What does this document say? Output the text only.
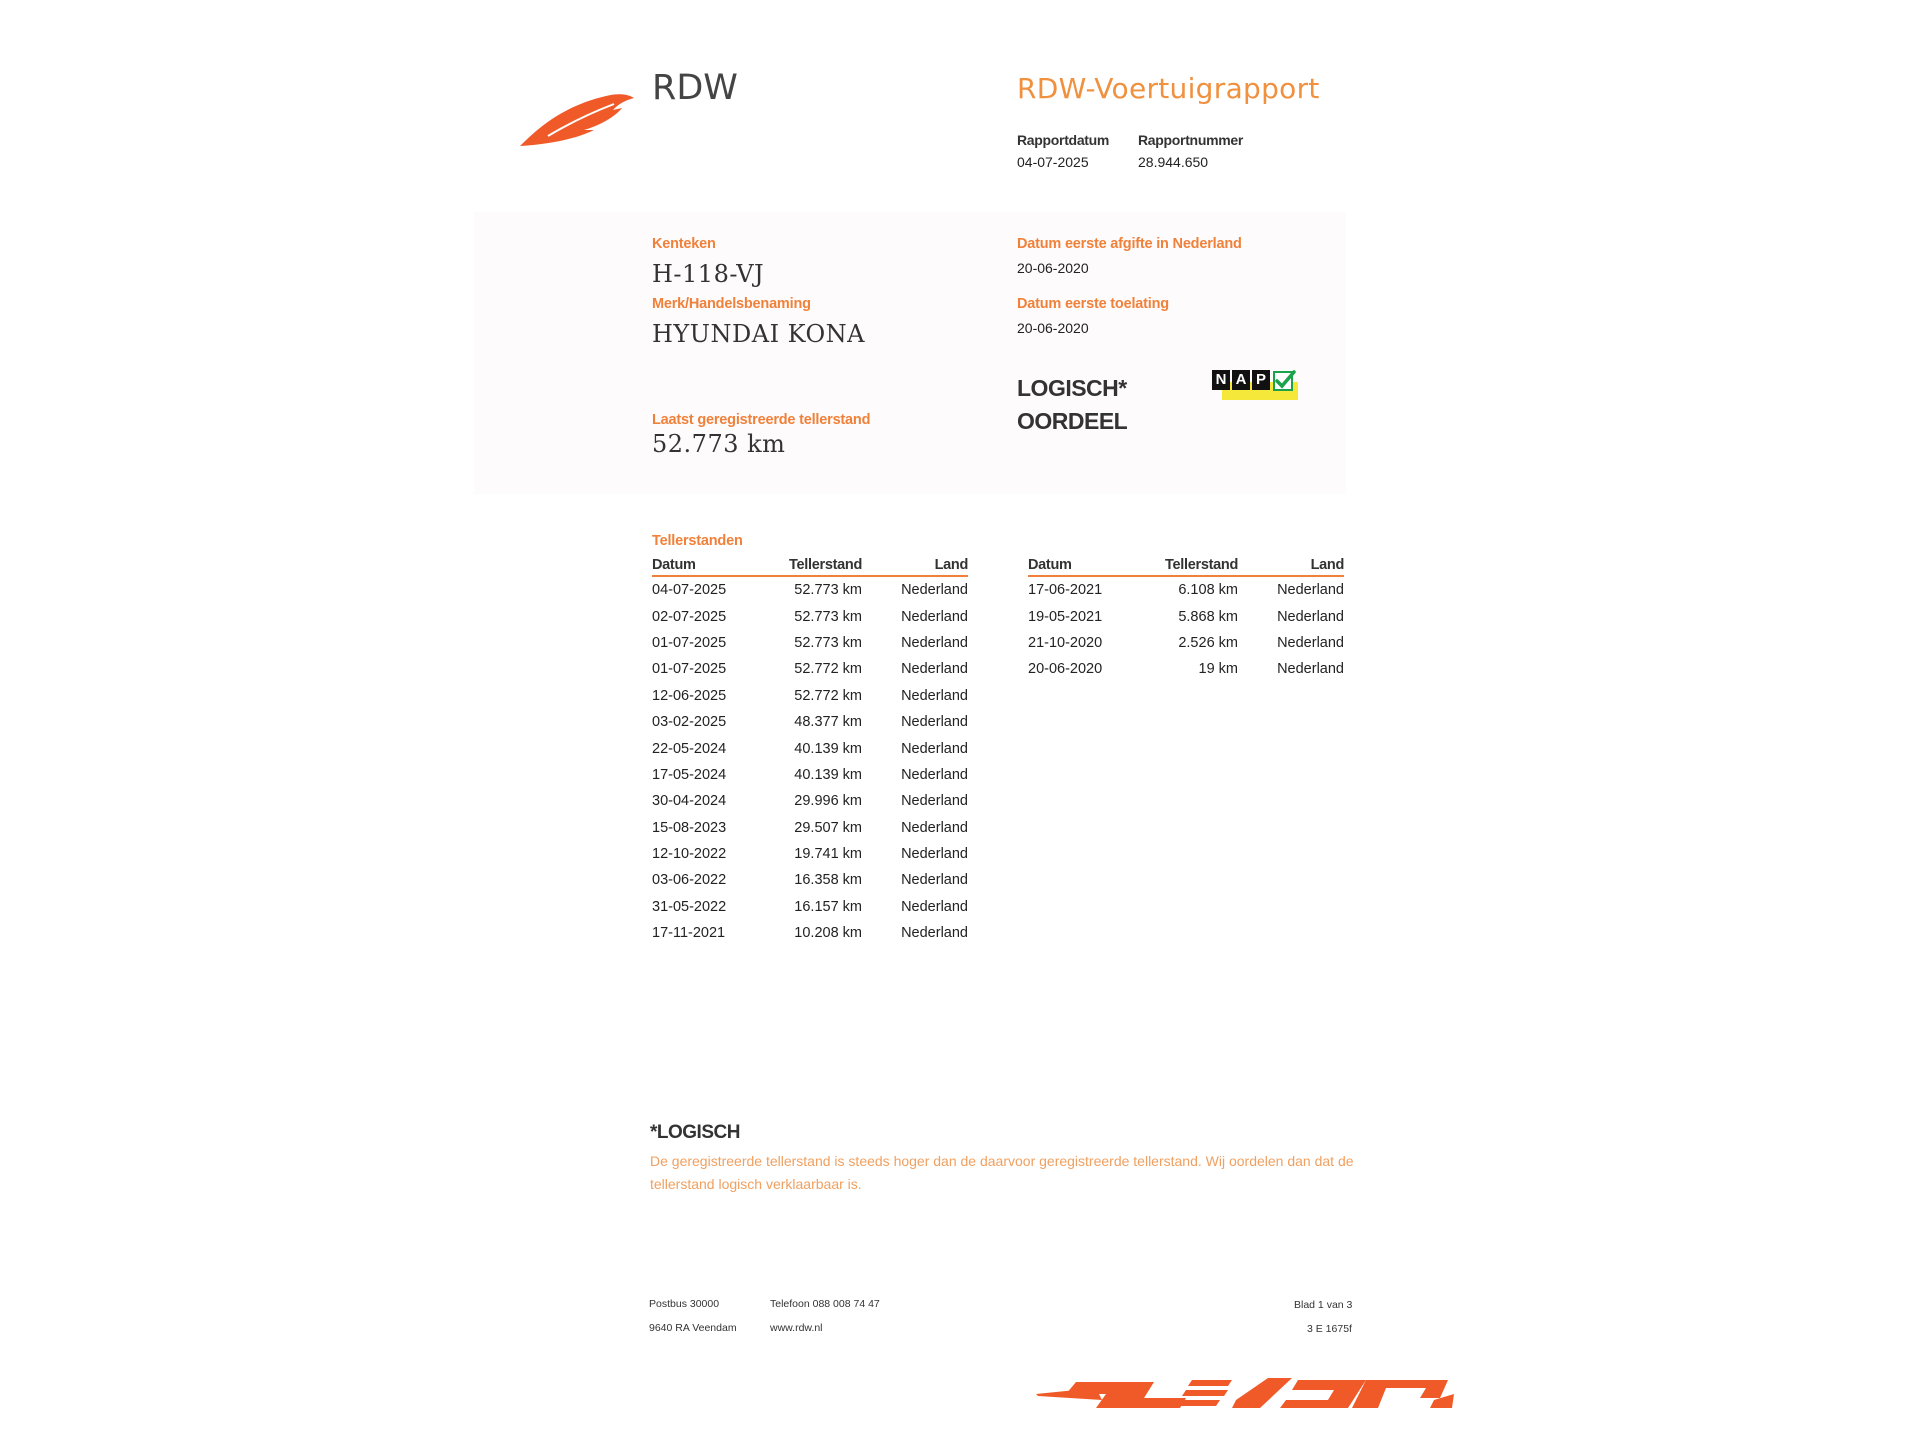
RDW	RDW-Voertuigrapport
Rapportdatum
04-07-2025
Rapportnummer
28.944.650
Kenteken
H-118-VJ
Merk/Handelsbenaming
HYUNDAI KONA
Laatst geregistreerde tellerstand
52.773 km
Datum eerste afgifte in Nederland
20-06-2020
Datum eerste toelating
20-06-2020
LOGISCH*
OORDEEL
N A P
Tellerstanden
Datum	Tellerstand	Land
04-07-2025	52.773 km	Nederland
02-07-2025	52.773 km	Nederland
01-07-2025	52.773 km	Nederland
01-07-2025	52.772 km	Nederland
12-06-2025	52.772 km	Nederland
03-02-2025	48.377 km	Nederland
22-05-2024	40.139 km	Nederland
17-05-2024	40.139 km	Nederland
30-04-2024	29.996 km	Nederland
15-08-2023	29.507 km	Nederland
12-10-2022	19.741 km	Nederland
03-06-2022	16.358 km	Nederland
31-05-2022	16.157 km	Nederland
17-11-2021	10.208 km	Nederland
Datum	Tellerstand	Land
17-06-2021	6.108 km	Nederland
19-05-2021	5.868 km	Nederland
21-10-2020	2.526 km	Nederland
20-06-2020	19 km	Nederland
*LOGISCH
De geregistreerde tellerstand is steeds hoger dan de daarvoor geregistreerde tellerstand. Wij oordelen dan dat de tellerstand logisch verklaarbaar is.
Postbus 30000
9640 RA Veendam
Telefoon 088 008 74 47
www.rdw.nl
Blad 1 van 3
3 E 1675f
